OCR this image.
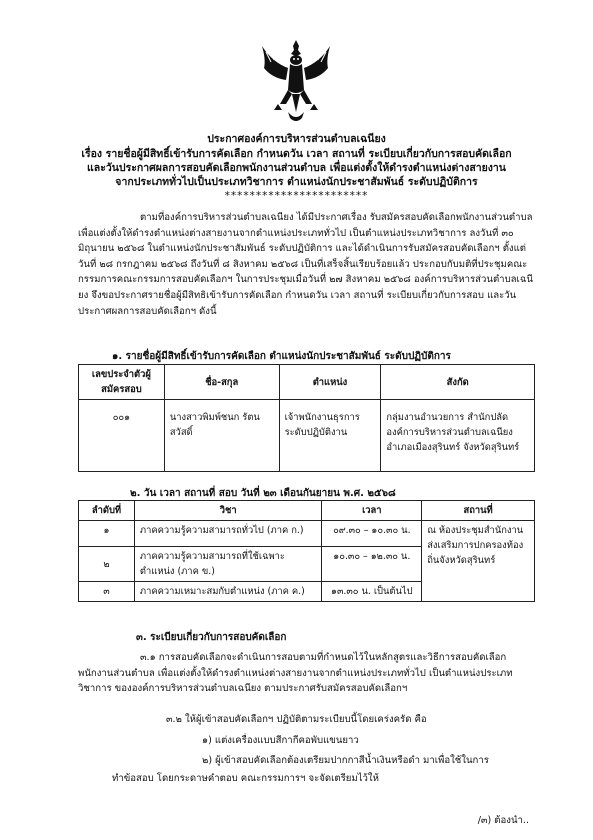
ประกาศองค์การบริหารส่วนตำบลเฉนียง
เรื่อง รายชื่อผู้มีสิทธิ์เข้ารับการคัดเลือก กำหนดวัน เวลา สถานที่ ระเบียบเกี่ยวกับการสอบคัดเลือก
และวันประกาศผลการสอบคัดเลือกพนักงานส่วนตำบล เพื่อแต่งตั้งให้ดำรงตำแหน่งต่างสายงาน
จากประเภททั่วไปเป็นประเภทวิชาการ ตำแหน่งนักประชาสัมพันธ์ ระดับปฏิบัติการ
***********************
ตามที่องค์การบริหารส่วนตำบลเฉนียง ได้มีประกาศเรื่อง รับสมัครสอบคัดเลือกพนักงานส่วนตำบล เพื่อแต่งตั้งให้ดำรงตำแหน่งต่างสายงานจากตำแหน่งประเภททั่วไป เป็นตำแหน่งประเภทวิชาการ ลงวันที่ ๓๐ มิถุนายน ๒๕๖๘ ในตำแหน่งนักประชาสัมพันธ์ ระดับปฏิบัติการ และได้ดำเนินการรับสมัครสอบคัดเลือกฯ ตั้งแต่วันที่ ๒๘ กรกฎาคม ๒๕๖๘ ถึงวันที่ ๘ สิงหาคม ๒๕๖๘ เป็นที่เสร็จสิ้นเรียบร้อยแล้ว ประกอบกับมติที่ประชุมคณะกรรมการคณะกรรมการสอบคัดเลือกฯ ในการประชุมเมื่อวันที่ ๒๗ สิงหาคม ๒๕๖๘ องค์การบริหารส่วนตำบลเฉนียง จึงขอประกาศรายชื่อผู้มีสิทธิเข้ารับการคัดเลือก กำหนดวัน เวลา สถานที่ ระเบียบเกี่ยวกับการสอบ และวันประกาศผลการสอบคัดเลือกฯ ดังนี้
๑. รายชื่อผู้มีสิทธิ์เข้ารับการคัดเลือก ตำแหน่งนักประชาสัมพันธ์ ระดับปฏิบัติการ
เลขประจำตัวผู้สมัครสอบ	ชื่อ-สกุล	ตำแหน่ง	สังกัด
๐๐๑	นางสาวพิมพ์ชนก รัตนสวัสดิ์	เจ้าพนักงานธุรการระดับปฏิบัติงาน	กลุ่มงานอำนวยการ สำนักปลัดองค์การบริหารส่วนตำบลเฉนียงอำเภอเมืองสุรินทร์ จังหวัดสุรินทร์
๒. วัน เวลา สถานที่ สอบ วันที่ ๒๓ เดือนกันยายน พ.ศ. ๒๕๖๘
ลำดับที่	วิชา	เวลา	สถานที่
๑	ภาคความรู้ความสามารถทั่วไป (ภาค ก.)	๐๙.๓๐ – ๑๐.๓๐ น.	ณ ห้องประชุมสำนักงานส่งเสริมการปกครองท้องถิ่นจังหวัดสุรินทร์
๒	ภาคความรู้ความสามารถที่ใช้เฉพาะตำแหน่ง (ภาค ข.)	๑๐.๓๐ – ๑๒.๓๐ น.	
๓	ภาคความเหมาะสมกับตำแหน่ง (ภาค ค.)	๑๓.๓๐ น. เป็นต้นไป	
๓. ระเบียบเกี่ยวกับการสอบคัดเลือก
๓.๑ การสอบคัดเลือกจะดำเนินการสอบตามที่กำหนดไว้ในหลักสูตรและวิธีการสอบคัดเลือกพนักงานส่วนตำบล เพื่อแต่งตั้งให้ดำรงตำแหน่งต่างสายงานจากตำแหน่งประเภททั่วไป เป็นตำแหน่งประเภทวิชาการ ขององค์การบริหารส่วนตำบลเฉนียง ตามประกาศรับสมัครสอบคัดเลือกฯ
๓.๒ ให้ผู้เข้าสอบคัดเลือกฯ ปฏิบัติตามระเบียบนี้โดยเคร่งครัด คือ
๑) แต่งเครื่องแบบสีกากีคอพับแขนยาว
๒) ผู้เข้าสอบคัดเลือกต้องเตรียมปากกาสีน้ำเงินหรือดำ มาเพื่อใช้ในการ
ทำข้อสอบ โดยกระดาษคำตอบ คณะกรรมการฯ จะจัดเตรียมไว้ให้
/๓) ต้องนำ..
